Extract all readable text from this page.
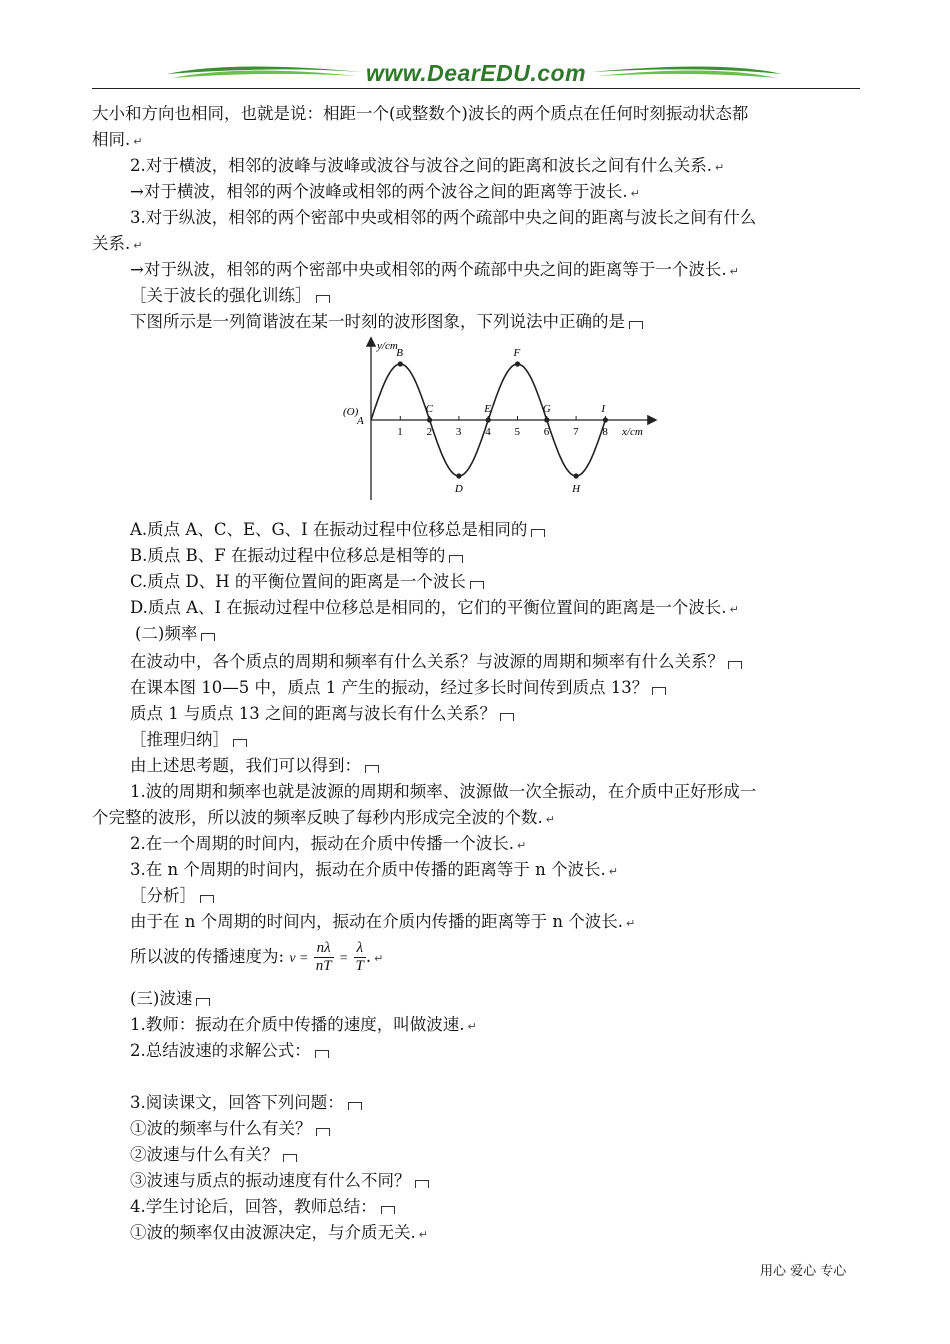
www.DearEDU.com
大小和方向也相同，也就是说：相距一个(或整数个)波长的两个质点在任何时刻振动状态都
相同. ↵
2.对于横波，相邻的波峰与波峰或波谷与波谷之间的距离和波长之间有什么关系. ↵
→对于横波，相邻的两个波峰或相邻的两个波谷之间的距离等于波长. ↵
3.对于纵波，相邻的两个密部中央或相邻的两个疏部中央之间的距离与波长之间有什么
关系. ↵
→对于纵波，相邻的两个密部中央或相邻的两个疏部中央之间的距离等于一个波长. ↵
［关于波长的强化训练］
下图所示是一列简谐波在某一时刻的波形图象，下列说法中正确的是
1 2 3 4 5 6 7 8
A
B
C
D
E
F
G
H
I
y/cm
x/cm
(O)
A.质点 A、C、E、G、I 在振动过程中位移总是相同的
B.质点 B、F 在振动过程中位移总是相等的
C.质点 D、H 的平衡位置间的距离是一个波长
D.质点 A、I 在振动过程中位移总是相同的，它们的平衡位置间的距离是一个波长. ↵
(二)频率
在波动中，各个质点的周期和频率有什么关系？与波源的周期和频率有什么关系？
在课本图 10—5 中，质点 1 产生的振动，经过多长时间传到质点 13？
质点 1 与质点 13 之间的距离与波长有什么关系？
［推理归纳］
由上述思考题，我们可以得到：
1.波的周期和频率也就是波源的周期和频率、波源做一次全振动，在介质中正好形成一
个完整的波形，所以波的频率反映了每秒内形成完全波的个数. ↵
2.在一个周期的时间内，振动在介质中传播一个波长. ↵
3.在 n 个周期的时间内，振动在介质中传播的距离等于 n 个波长. ↵
［分析］
由于在 n 个周期的时间内，振动在介质内传播的距离等于 n 个波长. ↵
所以波的传播速度为: $v = \frac{n\lambda}{nT} = \frac{\lambda}{T}$ . ↵
(三)波速
1.教师：振动在介质中传播的速度，叫做波速. ↵
2.总结波速的求解公式：
3.阅读课文，回答下列问题：
①波的频率与什么有关？
②波速与什么有关？
③波速与质点的振动速度有什么不同？
4.学生讨论后，回答，教师总结：
①波的频率仅由波源决定，与介质无关. ↵
用心 爱心 专心
